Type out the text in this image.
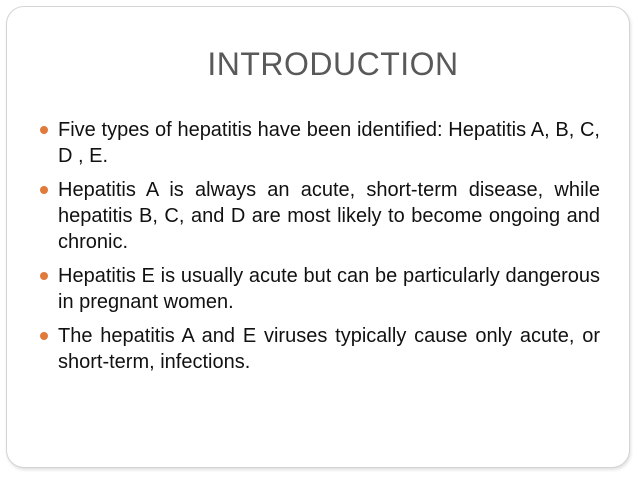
INTRODUCTION
Five types of hepatitis have been identified: Hepatitis A, B, C, D , E.
Hepatitis A is always an acute, short-term disease, while hepatitis B, C, and D are most likely to become ongoing and chronic.
Hepatitis E is usually acute but can be particularly dangerous in pregnant women.
The hepatitis A and E viruses typically cause only acute, or short-term, infections.
